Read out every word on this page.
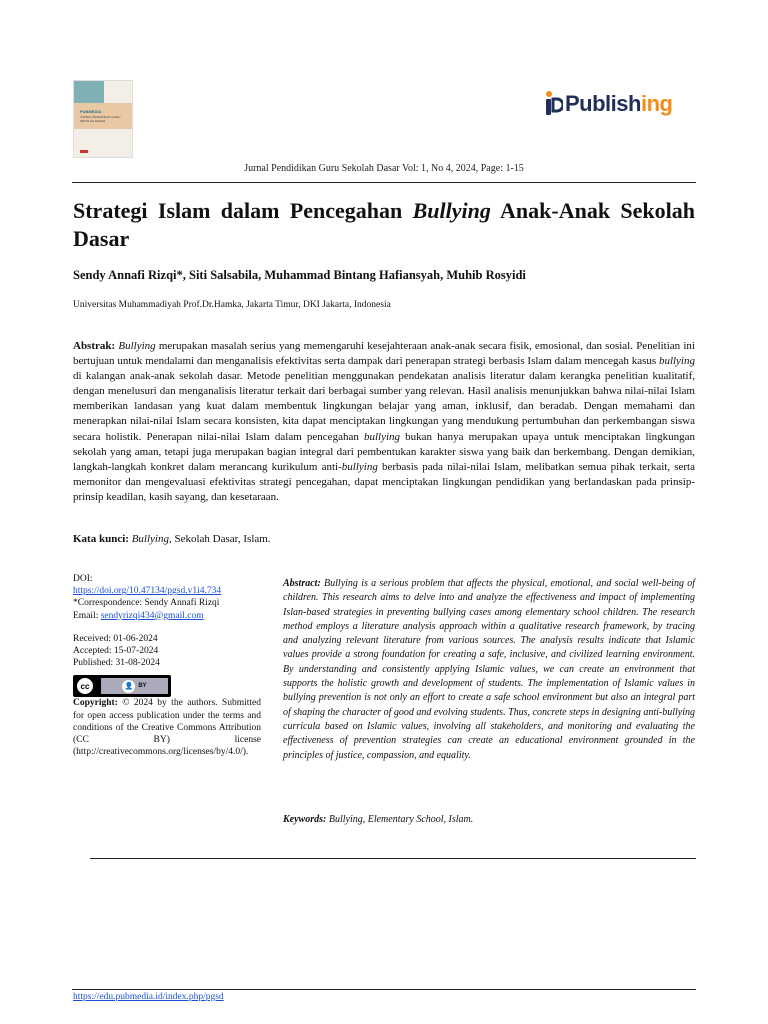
PUBMEDIA
JURNAL PENDIDIKAN GURU SEKOLAH DASAR
Publishing
Jurnal Pendidikan Guru Sekolah Dasar Vol: 1, No 4, 2024, Page: 1-15
Strategi Islam dalam Pencegahan Bullying Anak-Anak Sekolah Dasar

Sendy Annafi Rizqi*, Siti Salsabila, Muhammad Bintang Hafiansyah, Muhib Rosyidi

Universitas Muhammadiyah Prof.Dr.Hamka, Jakarta Timur, DKI Jakarta, Indonesia

Abstrak: Bullying merupakan masalah serius yang memengaruhi kesejahteraan anak-anak secara fisik, emosional, dan sosial. Penelitian ini bertujuan untuk mendalami dan menganalisis efektivitas serta dampak dari penerapan strategi berbasis Islam dalam mencegah kasus bullying di kalangan anak-anak sekolah dasar. Metode penelitian menggunakan pendekatan analisis literatur dalam kerangka penelitian kualitatif, dengan menelusuri dan menganalisis literatur terkait dari berbagai sumber yang relevan. Hasil analisis menunjukkan bahwa nilai-nilai Islam memberikan landasan yang kuat dalam membentuk lingkungan belajar yang aman, inklusif, dan beradab. Dengan memahami dan menerapkan nilai-nilai Islam secara konsisten, kita dapat menciptakan lingkungan yang mendukung pertumbuhan dan perkembangan siswa secara holistik. Penerapan nilai-nilai Islam dalam pencegahan bullying bukan hanya merupakan upaya untuk menciptakan lingkungan sekolah yang aman, tetapi juga merupakan bagian integral dari pembentukan karakter siswa yang baik dan berkembang. Dengan demikian, langkah-langkah konkret dalam merancang kurikulum anti-bullying berbasis pada nilai-nilai Islam, melibatkan semua pihak terkait, serta memonitor dan mengevaluasi efektivitas strategi pencegahan, dapat menciptakan lingkungan pendidikan yang berlandaskan pada prinsip-prinsip keadilan, kasih sayang, dan kesetaraan.

Kata kunci: Bullying, Sekolah Dasar, Islam.

DOI:

https://doi.org/10.47134/pgsd.v1i4.734

*Correspondence: Sendy Annafi Rizqi

Email: sendyrizqi434@gmail.com

Received: 01-06-2024

Accepted: 15-07-2024

Published: 31-08-2024

cc	👤 BY

Copyright: © 2024 by the authors. Submitted for open access publication under the terms and conditions of the Creative Commons Attribution (CC BY) license (http://creativecommons.org/licenses/by/4.0/).

Abstract: Bullying is a serious problem that affects the physical, emotional, and social well-being of children. This research aims to delve into and analyze the effectiveness and impact of implementing Islan-based strategies in preventing bullying cases among elementary school children. The research method employs a literature analysis approach within a qualitative research framework, by tracing and analyzing relevant literature from various sources. The analysis results indicate that Islamic values provide a strong foundation for creating a safe, inclusive, and civilized learning environment. By understanding and consistently applying Islamic values, we can create an environment that supports the holistic growth and development of students. The implementation of Islamic values in bullying prevention is not only an effort to create a safe school environment but also an integral part of shaping the character of good and evolving students. Thus, concrete steps in designing anti-bullying curricula based on Islamic values, involving all stakeholders, and monitoring and evaluating the effectiveness of prevention strategies can create an educational environment grounded in the principles of justice, compassion, and equality.

Keywords: Bullying, Elementary School, Islam.

https://edu.pubmedia.id/index.php/pgsd
